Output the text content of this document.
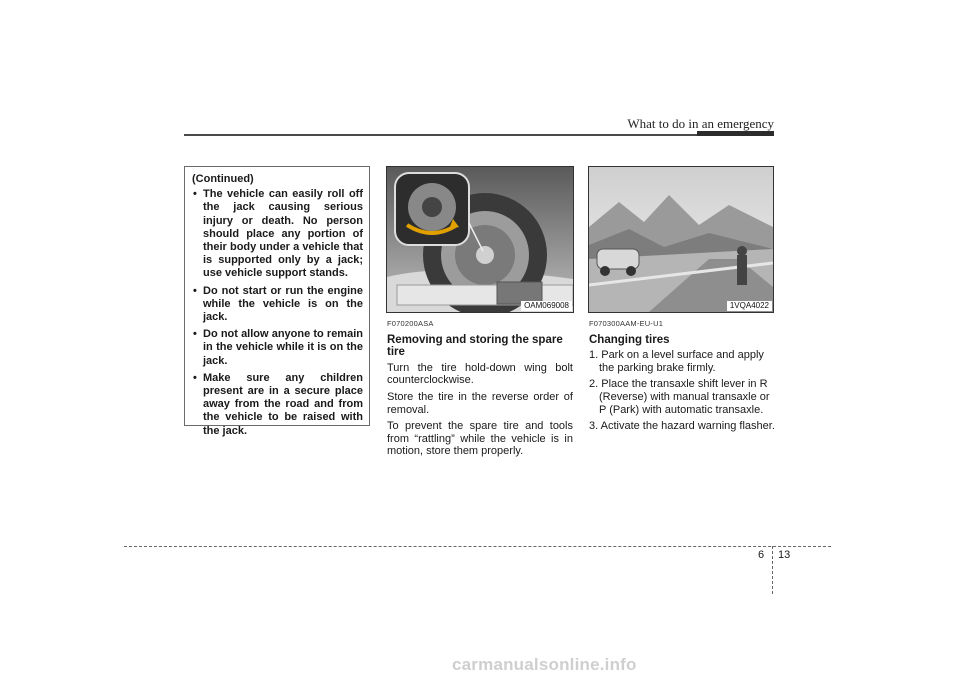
What to do in an emergency
(Continued)
• The vehicle can easily roll off the jack causing serious injury or death. No person should place any portion of their body under a vehicle that is supported only by a jack; use vehicle support stands.
• Do not start or run the engine while the vehicle is on the jack.
• Do not allow anyone to remain in the vehicle while it is on the jack.
• Make sure any children present are in a secure place away from the road and from the vehicle to be raised with the jack.
OAM069008
F070200ASA
Removing and storing the spare tire
Turn the tire hold-down wing bolt counterclockwise.
Store the tire in the reverse order of removal.
To prevent the spare tire and tools from “rattling” while the vehicle is in motion, store them properly.
1VQA4022
F070300AAM-EU-U1
Changing tires
1. Park on a level surface and apply the parking brake firmly.
2. Place the transaxle shift lever in R (Reverse) with manual transaxle or P (Park) with automatic transaxle.
3. Activate the hazard warning flasher.
6 13
carmanualsonline.info
